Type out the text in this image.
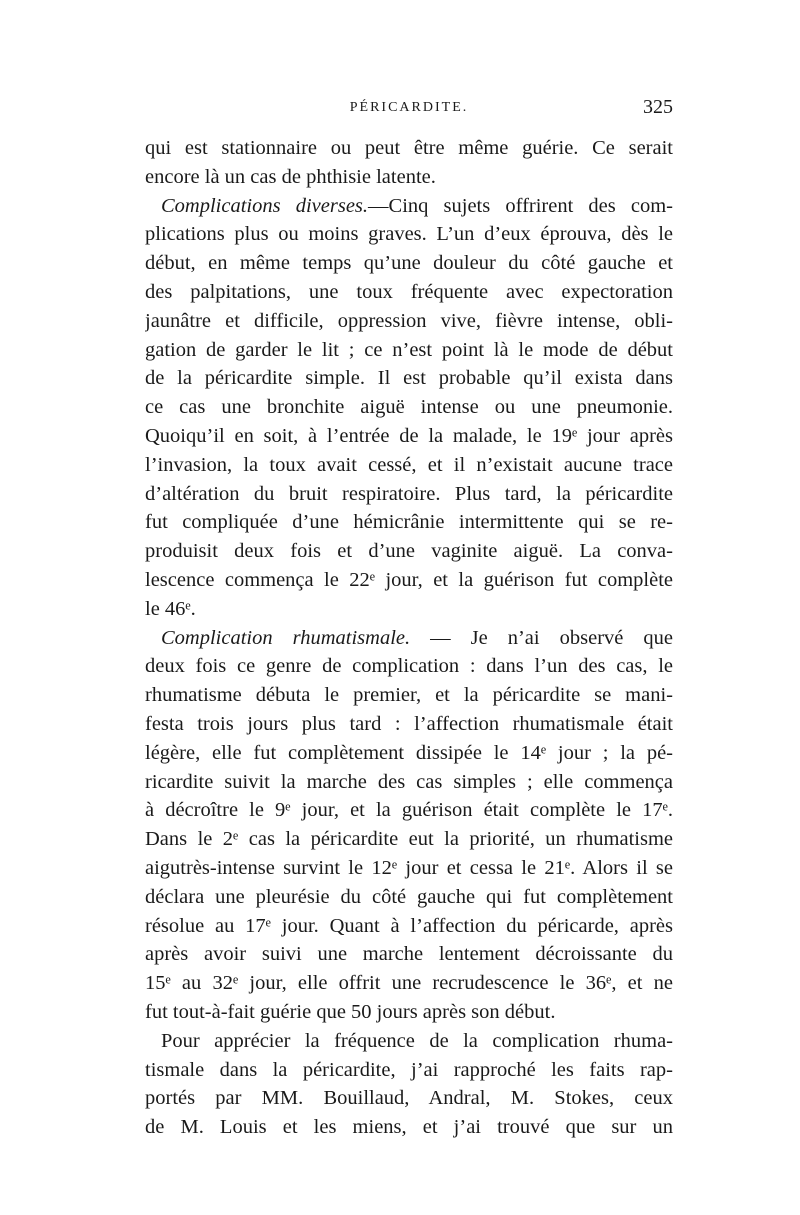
PÉRICARDITE.	325
qui est stationnaire ou peut être même guérie. Ce serait
encore là un cas de phthisie latente.
Complications diverses.—Cinq sujets offrirent des com-
plications plus ou moins graves. L’un d’eux éprouva, dès le
début, en même temps qu’une douleur du côté gauche et
des palpitations, une toux fréquente avec expectoration
jaunâtre et difficile, oppression vive, fièvre intense, obli-
gation de garder le lit ; ce n’est point là le mode de début
de la péricardite simple. Il est probable qu’il exista dans
ce cas une bronchite aiguë intense ou une pneumonie.
Quoiqu’il en soit, à l’entrée de la malade, le 19ᵉ jour après
l’invasion, la toux avait cessé, et il n’existait aucune trace
d’altération du bruit respiratoire. Plus tard, la péricardite
fut compliquée d’une hémicrânie intermittente qui se re-
produisit deux fois et d’une vaginite aiguë. La conva-
lescence commença le 22ᵉ jour, et la guérison fut complète
le 46ᵉ.
Complication rhumatismale. — Je n’ai observé que
deux fois ce genre de complication : dans l’un des cas, le
rhumatisme débuta le premier, et la péricardite se mani-
festa trois jours plus tard : l’affection rhumatismale était
légère, elle fut complètement dissipée le 14ᵉ jour ; la pé-
ricardite suivit la marche des cas simples ; elle commença
à décroître le 9ᵉ jour, et la guérison était complète le 17ᵉ.
Dans le 2ᵉ cas la péricardite eut la priorité, un rhumatisme
aigutrès-intense survint le 12ᵉ jour et cessa le 21ᵉ. Alors il se
déclara une pleurésie du côté gauche qui fut complètement
résolue au 17ᵉ jour. Quant à l’affection du péricarde, après
après avoir suivi une marche lentement décroissante du
15ᵉ au 32ᵉ jour, elle offrit une recrudescence le 36ᵉ, et ne
fut tout-à-fait guérie que 50 jours après son début.
Pour apprécier la fréquence de la complication rhuma-
tismale dans la péricardite, j’ai rapproché les faits rap-
portés par MM. Bouillaud, Andral, M. Stokes, ceux
de M. Louis et les miens, et j’ai trouvé que sur un
